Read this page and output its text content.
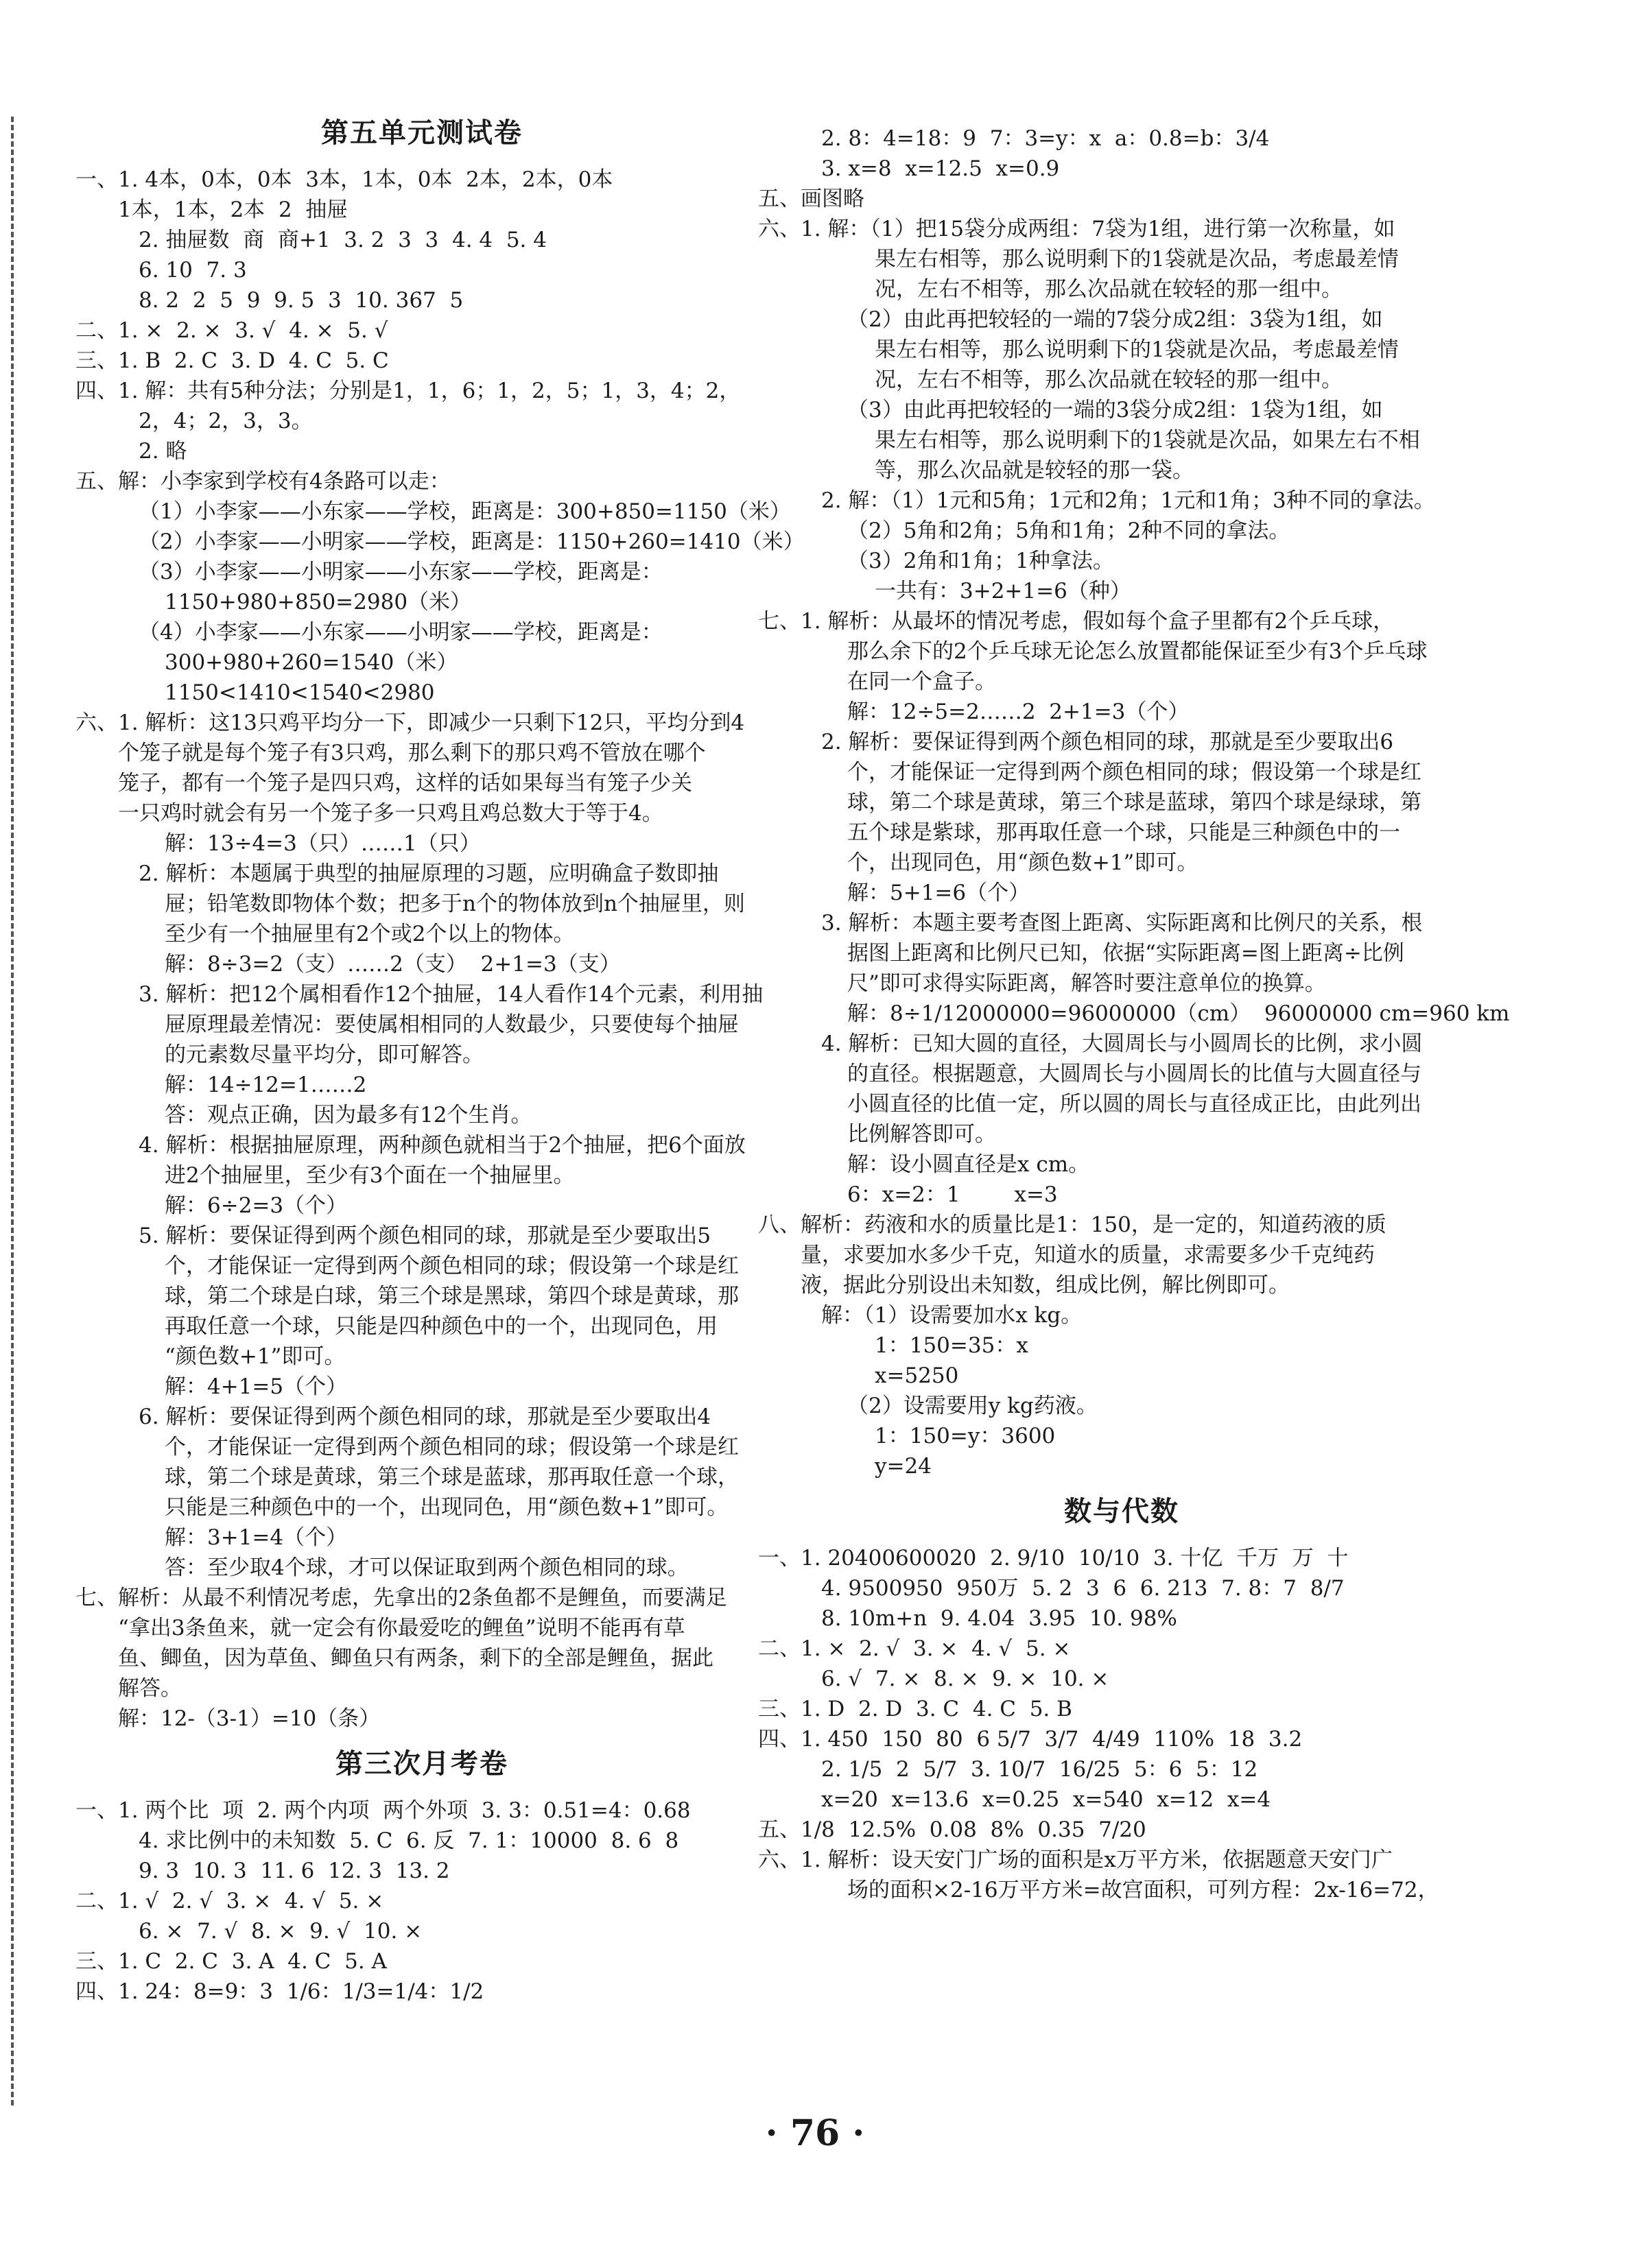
第五单元测试卷
一、1. 4本，0本，0本  3本，1本，0本  2本，2本，0本
1本，1本，2本  2  抽屉
2. 抽屉数  商  商+1  3. 2  3  3  4. 4  5. 4
6. 10  7. 3
8. 2  2  5  9  9. 5  3  10. 367  5
二、1. ×  2. ×  3. √  4. ×  5. √
三、1. B  2. C  3. D  4. C  5. C
四、1. 解：共有5种分法；分别是1，1，6；1，2，5；1，3，4；2，
2，4；2，3，3。
2. 略
五、解：小李家到学校有4条路可以走：
（1）小李家——小东家——学校，距离是：300+850=1150（米）
（2）小李家——小明家——学校，距离是：1150+260=1410（米）
（3）小李家——小明家——小东家——学校，距离是：
1150+980+850=2980（米）
（4）小李家——小东家——小明家——学校，距离是：
300+980+260=1540（米）
1150<1410<1540<2980
六、1. 解析：这13只鸡平均分一下，即减少一只剩下12只，平均分到4
个笼子就是每个笼子有3只鸡，那么剩下的那只鸡不管放在哪个
笼子，都有一个笼子是四只鸡，这样的话如果每当有笼子少关
一只鸡时就会有另一个笼子多一只鸡且鸡总数大于等于4。
解：13÷4=3（只）……1（只）
2. 解析：本题属于典型的抽屉原理的习题，应明确盒子数即抽
屉；铅笔数即物体个数；把多于n个的物体放到n个抽屉里，则
至少有一个抽屉里有2个或2个以上的物体。
解：8÷3=2（支）……2（支）  2+1=3（支）
3. 解析：把12个属相看作12个抽屉，14人看作14个元素，利用抽
屉原理最差情况：要使属相相同的人数最少，只要使每个抽屉
的元素数尽量平均分，即可解答。
解：14÷12=1……2
答：观点正确，因为最多有12个生肖。
4. 解析：根据抽屉原理，两种颜色就相当于2个抽屉，把6个面放
进2个抽屉里，至少有3个面在一个抽屉里。
解：6÷2=3（个）
5. 解析：要保证得到两个颜色相同的球，那就是至少要取出5
个，才能保证一定得到两个颜色相同的球；假设第一个球是红
球，第二个球是白球，第三个球是黑球，第四个球是黄球，那
再取任意一个球，只能是四种颜色中的一个，出现同色，用
“颜色数+1”即可。
解：4+1=5（个）
6. 解析：要保证得到两个颜色相同的球，那就是至少要取出4
个，才能保证一定得到两个颜色相同的球；假设第一个球是红
球，第二个球是黄球，第三个球是蓝球，那再取任意一个球，
只能是三种颜色中的一个，出现同色，用“颜色数+1”即可。
解：3+1=4（个）
答：至少取4个球，才可以保证取到两个颜色相同的球。
七、解析：从最不利情况考虑，先拿出的2条鱼都不是鲤鱼，而要满足
“拿出3条鱼来，就一定会有你最爱吃的鲤鱼”说明不能再有草
鱼、鲫鱼，因为草鱼、鲫鱼只有两条，剩下的全部是鲤鱼，据此
解答。
解：12-（3-1）=10（条）
第三次月考卷
一、1. 两个比  项  2. 两个内项  两个外项  3. 3：0.51=4：0.68
4. 求比例中的未知数  5. C  6. 反  7. 1：10000  8. 6  8
9. 3  10. 3  11. 6  12. 3  13. 2
二、1. √  2. √  3. ×  4. √  5. ×
6. ×  7. √  8. ×  9. √  10. ×
三、1. C  2. C  3. A  4. C  5. A
四、1. 24：8=9：3  1/6：1/3=1/4：1/2
2. 8：4=18：9  7：3=y：x  a：0.8=b：3/4
3. x=8  x=12.5  x=0.9
五、画图略
六、1. 解：（1）把15袋分成两组：7袋为1组，进行第一次称量，如
果左右相等，那么说明剩下的1袋就是次品，考虑最差情
况，左右不相等，那么次品就在较轻的那一组中。
（2）由此再把较轻的一端的7袋分成2组：3袋为1组，如
果左右相等，那么说明剩下的1袋就是次品，考虑最差情
况，左右不相等，那么次品就在较轻的那一组中。
（3）由此再把较轻的一端的3袋分成2组：1袋为1组，如
果左右相等，那么说明剩下的1袋就是次品，如果左右不相
等，那么次品就是较轻的那一袋。
2. 解：（1）1元和5角；1元和2角；1元和1角；3种不同的拿法。
（2）5角和2角；5角和1角；2种不同的拿法。
（3）2角和1角；1种拿法。
一共有：3+2+1=6（种）
七、1. 解析：从最坏的情况考虑，假如每个盒子里都有2个乒乓球，
那么余下的2个乒乓球无论怎么放置都能保证至少有3个乒乓球
在同一个盒子。
解：12÷5=2……2  2+1=3（个）
2. 解析：要保证得到两个颜色相同的球，那就是至少要取出6
个，才能保证一定得到两个颜色相同的球；假设第一个球是红
球，第二个球是黄球，第三个球是蓝球，第四个球是绿球，第
五个球是紫球，那再取任意一个球，只能是三种颜色中的一
个，出现同色，用“颜色数+1”即可。
解：5+1=6（个）
3. 解析：本题主要考查图上距离、实际距离和比例尺的关系，根
据图上距离和比例尺已知，依据“实际距离=图上距离÷比例
尺”即可求得实际距离，解答时要注意单位的换算。
解：8÷1/12000000=96000000（cm）  96000000 cm=960 km
4. 解析：已知大圆的直径，大圆周长与小圆周长的比例，求小圆
的直径。根据题意，大圆周长与小圆周长的比值与大圆直径与
小圆直径的比值一定，所以圆的周长与直径成正比，由此列出
比例解答即可。
解：设小圆直径是x cm。
6：x=2：1        x=3
八、解析：药液和水的质量比是1：150，是一定的，知道药液的质
量，求要加水多少千克，知道水的质量，求需要多少千克纯药
液，据此分别设出未知数，组成比例，解比例即可。
解：（1）设需要加水x kg。
1：150=35：x
x=5250
（2）设需要用y kg药液。
1：150=y：3600
y=24
数与代数
一、1. 20400600020  2. 9/10  10/10  3. 十亿  千万  万  十
4. 9500950  950万  5. 2  3  6  6. 213  7. 8：7  8/7
8. 10m+n  9. 4.04  3.95  10. 98%
二、1. ×  2. √  3. ×  4. √  5. ×
6. √  7. ×  8. ×  9. ×  10. ×
三、1. D  2. D  3. C  4. C  5. B
四、1. 450  150  80  6 5/7  3/7  4/49  110%  18  3.2
2. 1/5  2  5/7  3. 10/7  16/25  5：6  5：12
x=20  x=13.6  x=0.25  x=540  x=12  x=4
五、1/8  12.5%  0.08  8%  0.35  7/20
六、1. 解析：设天安门广场的面积是x万平方米，依据题意天安门广
场的面积×2-16万平方米=故宫面积，可列方程：2x-16=72，
· 76 ·
